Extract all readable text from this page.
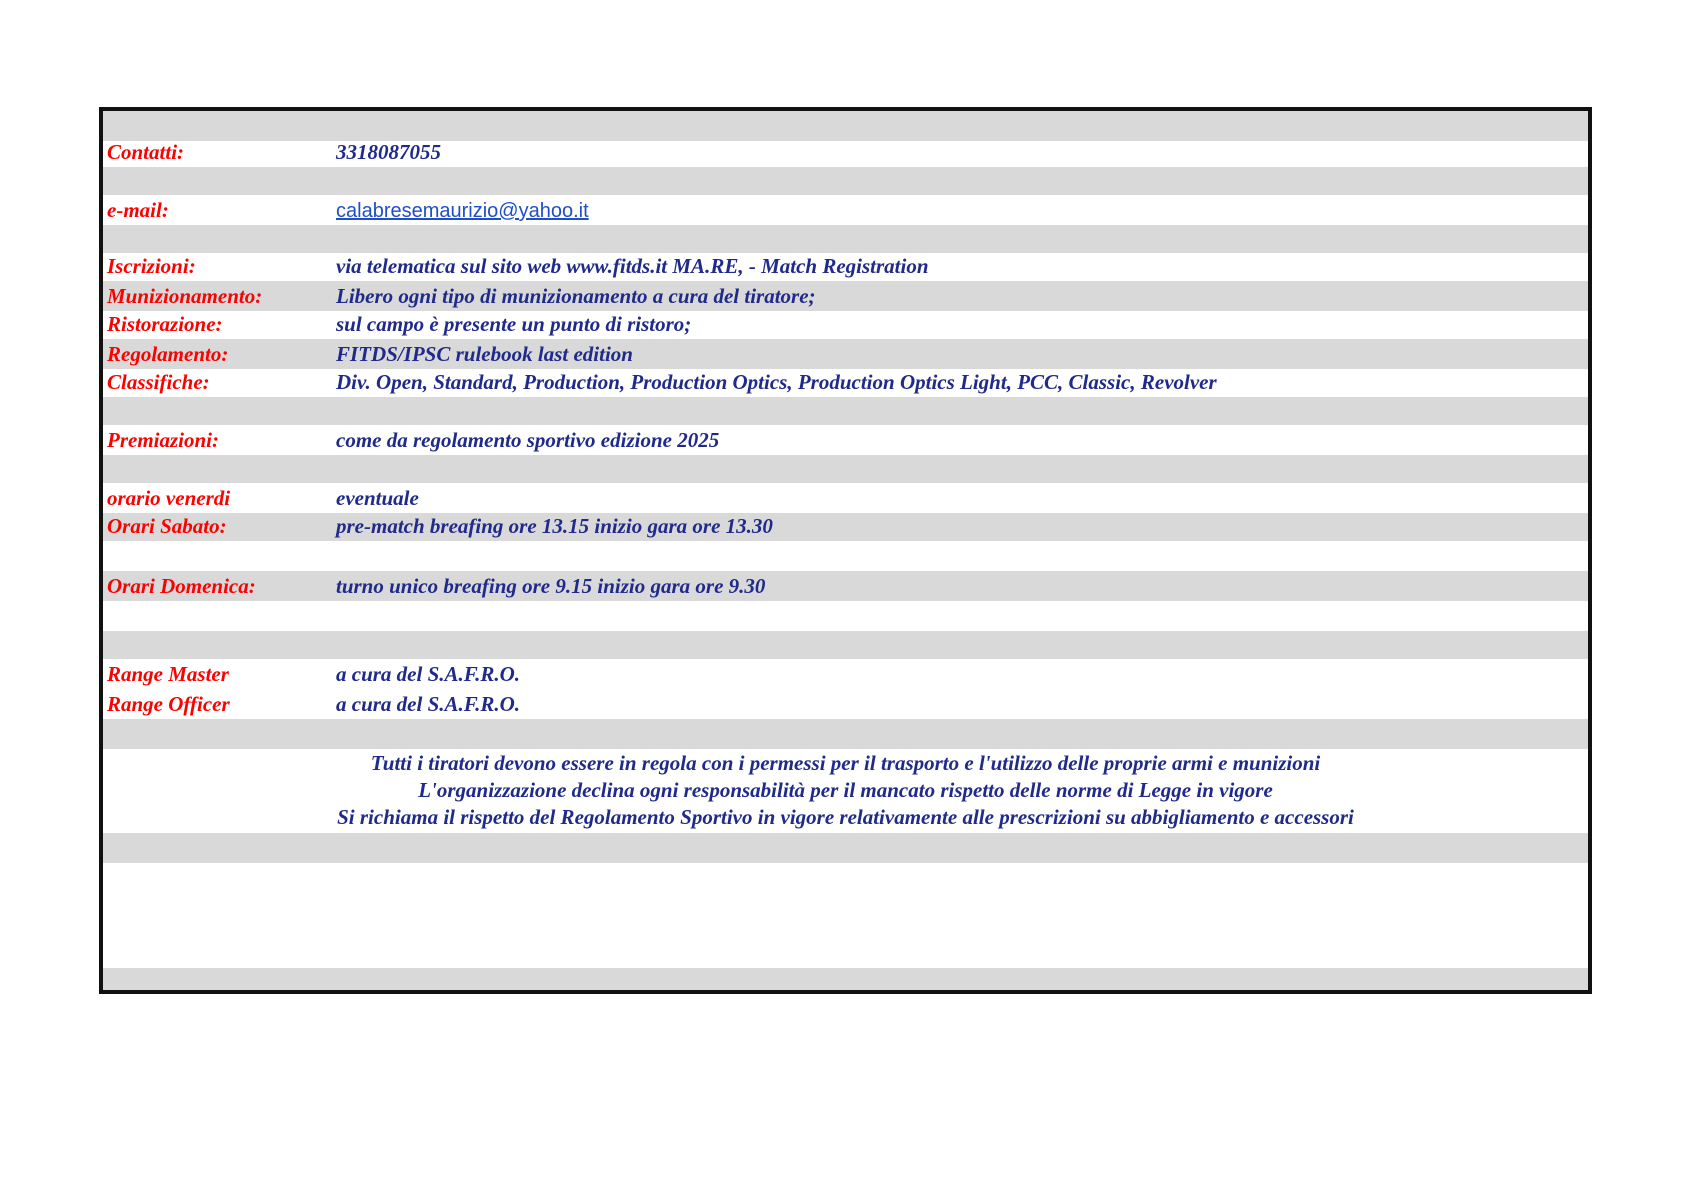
Contatti:	3318087055
e-mail:	calabresemaurizio@yahoo.it
Iscrizioni:	via telematica sul sito web www.fitds.it MA.RE, - Match Registration
Munizionamento:	Libero ogni tipo di munizionamento a cura del tiratore;
Ristorazione:	sul campo è presente un punto di ristoro;
Regolamento:	FITDS/IPSC rulebook last edition
Classifiche:	Div. Open, Standard, Production, Production Optics, Production Optics Light, PCC, Classic, Revolver
Premiazioni:	come da regolamento sportivo edizione 2025
orario venerdi	eventuale
Orari Sabato:	pre-match breafing ore 13.15 inizio gara ore 13.30
Orari Domenica:	turno unico breafing ore 9.15 inizio gara ore 9.30
Range Master	a cura del S.A.F.R.O.
Range Officer	a cura del S.A.F.R.O.
Tutti i tiratori devono essere in regola con i permessi per il trasporto e l'utilizzo delle proprie armi e munizioni
L'organizzazione declina ogni responsabilità per il mancato rispetto delle norme di Legge in vigore
Si richiama il rispetto del Regolamento Sportivo in vigore relativamente alle prescrizioni su abbigliamento e accessori
